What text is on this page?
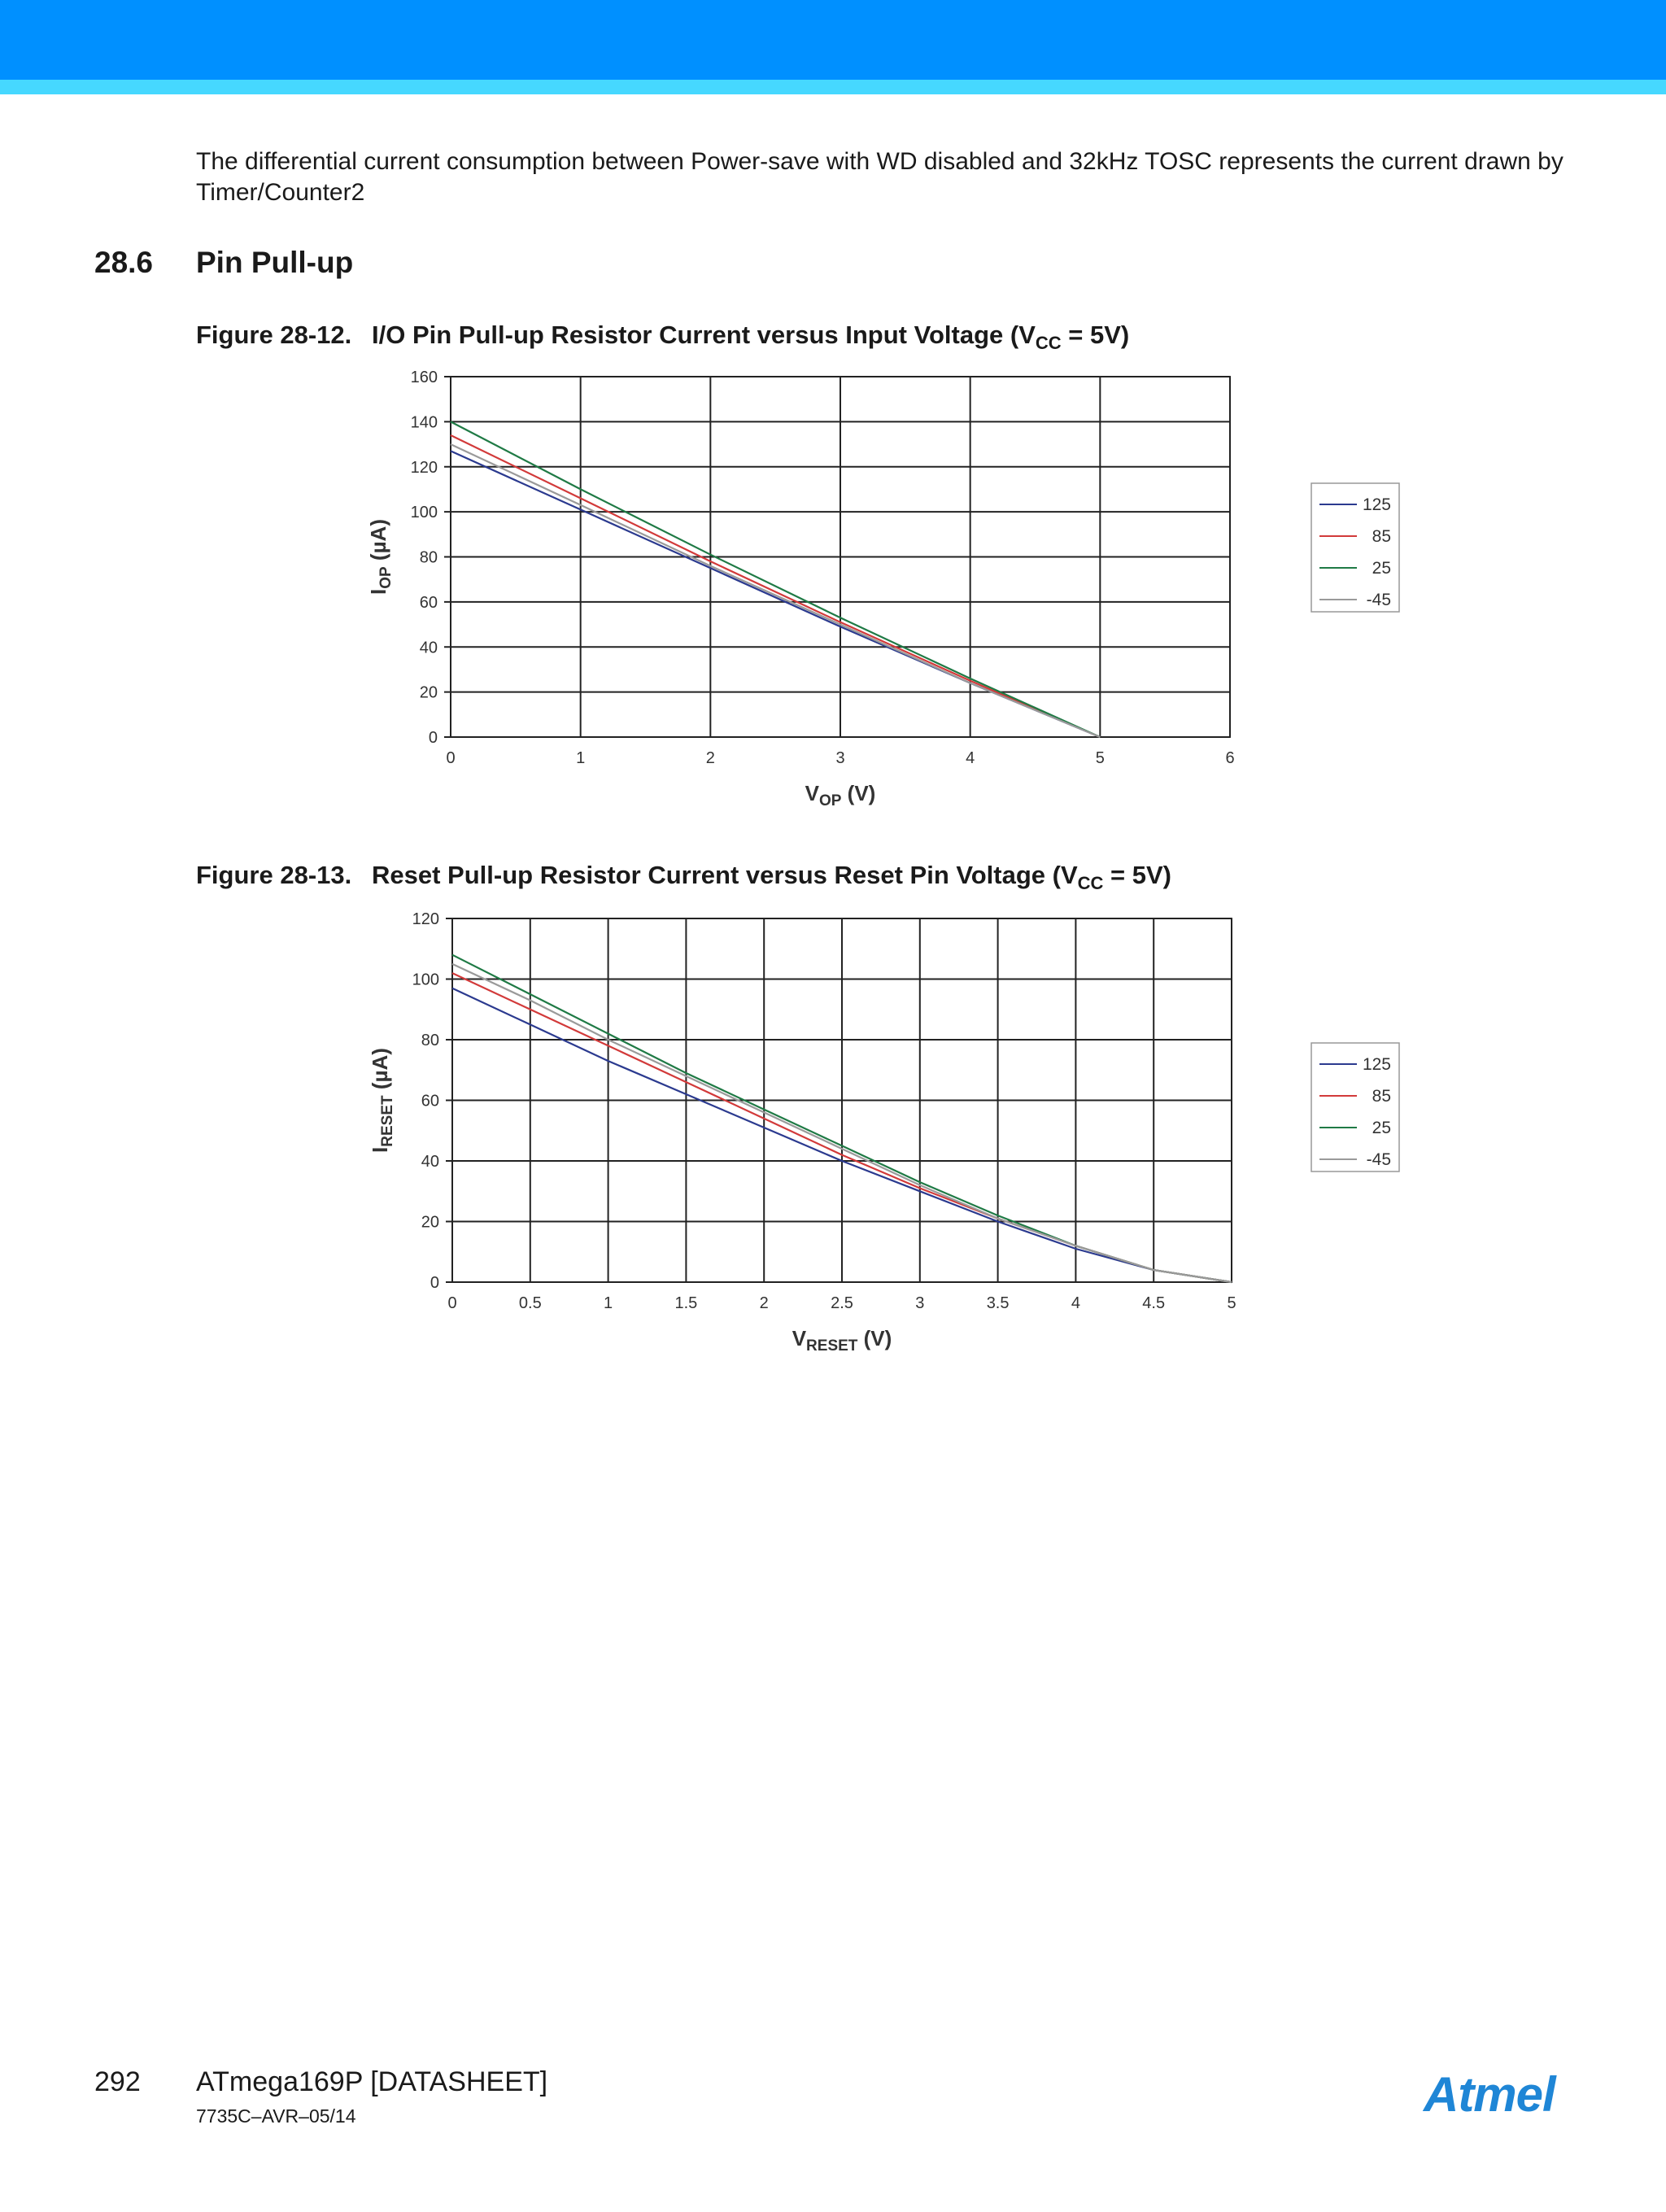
The differential current consumption between Power-save with WD disabled and 32kHz TOSC represents the current drawn by Timer/Counter2
28.6 Pin Pull-up
Figure 28-12. I/O Pin Pull-up Resistor Current versus Input Voltage $(V_{CC} = 5V)$
0	1	2	3	4	5	6
0
20
40
60
80
100
120
140
160
$V_{OP}$ (V)
$I_{OP}$ (µA)
125
85
25
-45
Figure 28-13. Reset Pull-up Resistor Current versus Reset Pin Voltage $(V_{CC} = 5V)$
0	0.5	1	1.5	2	2.5	3	3.5	4	4.5	5
0
20
40
60
80
100
120
$V_{RESET}$ (V)
$I_{RESET}$ (µA)	125
85
25
-45
292 ATmega169P [DATASHEET]
7735C–AVR–05/14	Atmel
